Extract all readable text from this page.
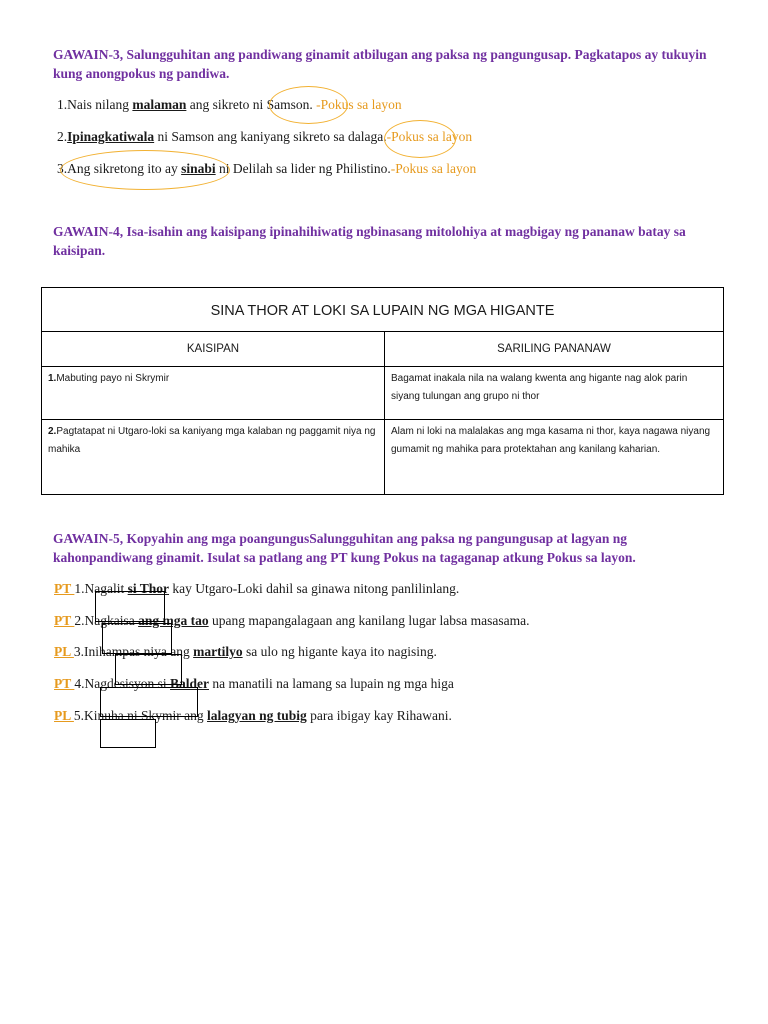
GAWAIN-3, Salungguhitan ang pandiwang ginamit atbilugan ang paksa ng pangungusap. Pagkatapos ay tukuyin kung anongpokus ng pandiwa.
1.Nais nilang malaman ang sikreto ni Samson. -Pokus sa layon
2.Ipinagkatiwala ni Samson ang kaniyang sikreto sa dalaga.-Pokus sa layon
3.Ang sikretong ito ay sinabi ni Delilah sa lider ng Philistino.-Pokus sa layon
GAWAIN-4, Isa-isahin ang kaisipang ipinahihiwatig ngbinasang mitolohiya at magbigay ng pananaw batay sa kaisipan.
SINA THOR AT LOKI SA LUPAIN NG MGA HIGANTE	
KAISIPAN	SARILING PANANAW
1.Mabuting payo ni Skrymir	Bagamat inakala nila na walang kwenta ang higante nag alok parin siyang tulungan ang grupo ni thor
2.Pagtatapat ni Utgaro-loki sa kaniyang mga kalaban ng paggamit niya ng mahika	Alam ni loki na malalakas ang mga kasama ni thor, kaya nagawa niyang gumamit ng mahika para protektahan ang kanilang kaharian.
GAWAIN-5, Kopyahin ang mga poangungusSalungguhitan ang paksa ng pangungusap at lagyan ng kahonpandiwang ginamit. Isulat sa patlang ang PT kung Pokus na tagaganap atkung Pokus sa layon.
PT 1.Nagalit si Thor kay Utgaro-Loki dahil sa ginawa nitong panlilinlang.
PT 2.Nagkaisa ang mga tao upang mapangalagaan ang kanilang lugar labsa masasama.
PL 3.Inihampas niya ang martilyo sa ulo ng higante kaya ito nagising.
PT 4.Nagdesisyon si Balder na manatili na lamang sa lupain ng mga higa
PL 5.Kinuha ni Skymir ang lalagyan ng tubig para ibigay kay Rihawani.
